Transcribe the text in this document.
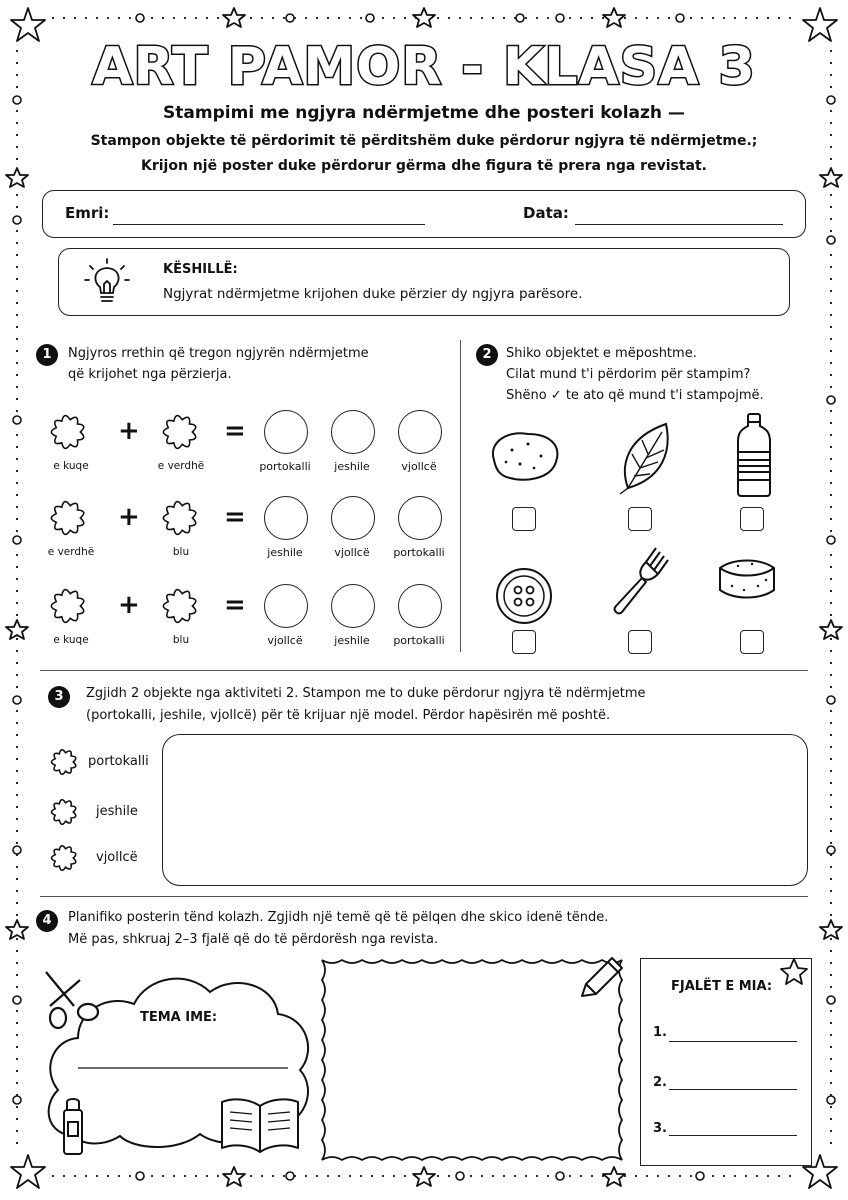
ART PAMOR - KLASA 3
Stampimi me ngjyra ndërmjetme dhe posteri kolazh —
Stampon objekte të përdorimit të përditshëm duke përdorur ngjyra të ndërmjetme.;
Krijon një poster duke përdorur gërma dhe figura të prera nga revistat.
Emri:	Data:
KËSHILLË:
Ngjyrat ndërmjetme krijohen duke përzier dy ngjyra parësore.
1	Ngjyros rrethin që tregon ngjyrën ndërmjetme
që krijohet nga përzierja.
e kuqe
+
e verdhë
=
portokalli	jeshile	vjollcë
e verdhë
+
blu
=
jeshile	vjollcë	portokalli
e kuqe
+
blu
=
vjollcë	jeshile	portokalli
2	Shiko objektet e mëposhtme.
Cilat mund t'i përdorim për stampim?
Shëno ✓ te ato që mund t'i stampojmë.
3	Zgjidh 2 objekte nga aktiviteti 2. Stampon me to duke përdorur ngjyra të ndërmjetme
(portokalli, jeshile, vjollcë) për të krijuar një model. Përdor hapësirën më poshtë.
portokalli
jeshile
vjollcë
4	Planifiko posterin tënd kolazh. Zgjidh një temë që të pëlqen dhe skico idenë tënde.
Më pas, shkruaj 2–3 fjalë që do të përdorësh nga revista.
TEMA IME:
FJALËT E MIA:
1.
2.
3.
